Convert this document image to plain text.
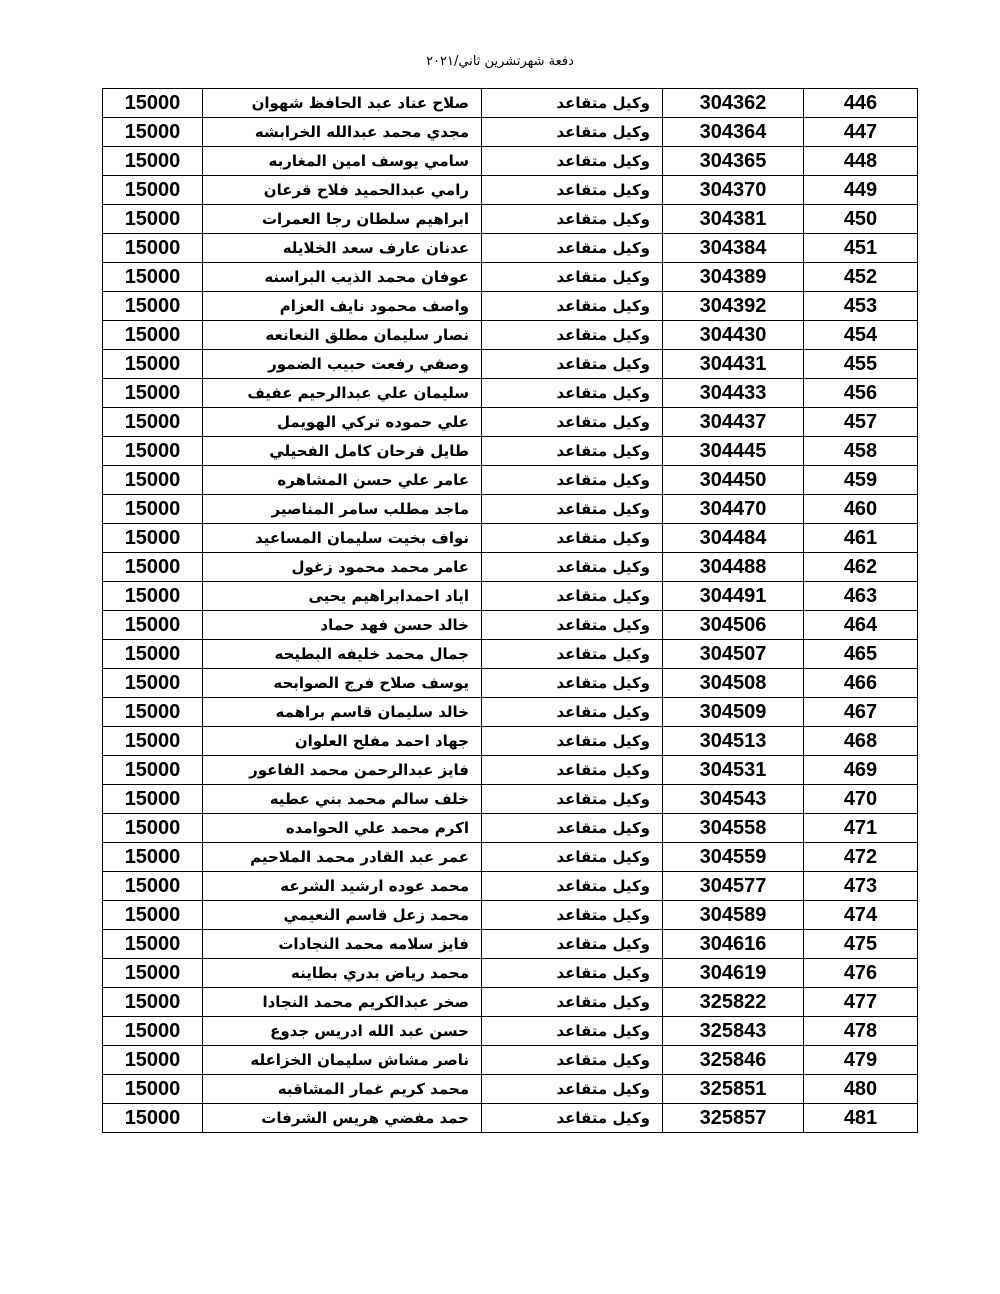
دفعة شهرتشرين ثاني/٢٠٢١
446	304362	وكيل متقاعد	صلاح عناد عبد الحافظ شهوان	15000
447	304364	وكيل متقاعد	مجدي محمد عبدالله الخرابشه	15000
448	304365	وكيل متقاعد	سامي يوسف امين المغاربه	15000
449	304370	وكيل متقاعد	رامي عبدالحميد فلاح قرعان	15000
450	304381	وكيل متقاعد	ابراهيم سلطان رجا العمرات	15000
451	304384	وكيل متقاعد	عدنان عارف سعد الخلايله	15000
452	304389	وكيل متقاعد	عوفان محمد الذيب البراسنه	15000
453	304392	وكيل متقاعد	واصف محمود نايف العزام	15000
454	304430	وكيل متقاعد	نصار سليمان مطلق النعانعه	15000
455	304431	وكيل متقاعد	وصفي رفعت حبيب الضمور	15000
456	304433	وكيل متقاعد	سليمان علي عبدالرحيم عفيف	15000
457	304437	وكيل متقاعد	علي حموده تركي الهويمل	15000
458	304445	وكيل متقاعد	طايل فرحان كامل الفحيلي	15000
459	304450	وكيل متقاعد	عامر علي حسن المشاهره	15000
460	304470	وكيل متقاعد	ماجد مطلب سامر المناصير	15000
461	304484	وكيل متقاعد	نواف بخيت سليمان المساعيد	15000
462	304488	وكيل متقاعد	عامر محمد محمود زغول	15000
463	304491	وكيل متقاعد	اياد احمدابراهيم يحيى	15000
464	304506	وكيل متقاعد	خالد حسن فهد حماد	15000
465	304507	وكيل متقاعد	جمال محمد خليفه البطيحه	15000
466	304508	وكيل متقاعد	يوسف صلاح فرج الصوابحه	15000
467	304509	وكيل متقاعد	خالد سليمان قاسم براهمه	15000
468	304513	وكيل متقاعد	جهاد احمد مفلح العلوان	15000
469	304531	وكيل متقاعد	فايز عبدالرحمن محمد الفاعور	15000
470	304543	وكيل متقاعد	خلف سالم محمد بني عطيه	15000
471	304558	وكيل متقاعد	اكرم محمد علي الحوامده	15000
472	304559	وكيل متقاعد	عمر عبد القادر محمد الملاحيم	15000
473	304577	وكيل متقاعد	محمد عوده ارشيد الشرعه	15000
474	304589	وكيل متقاعد	محمد زعل قاسم النعيمي	15000
475	304616	وكيل متقاعد	فايز سلامه محمد النجادات	15000
476	304619	وكيل متقاعد	محمد رياض بدري بطاينه	15000
477	325822	وكيل متقاعد	صخر عبدالكريم محمد النجادا	15000
478	325843	وكيل متقاعد	حسن عبد الله ادريس جدوع	15000
479	325846	وكيل متقاعد	ناصر مشاش سليمان الخزاعله	15000
480	325851	وكيل متقاعد	محمد كريم غمار المشاقبه	15000
481	325857	وكيل متقاعد	حمد مفضي هريس الشرفات	15000
